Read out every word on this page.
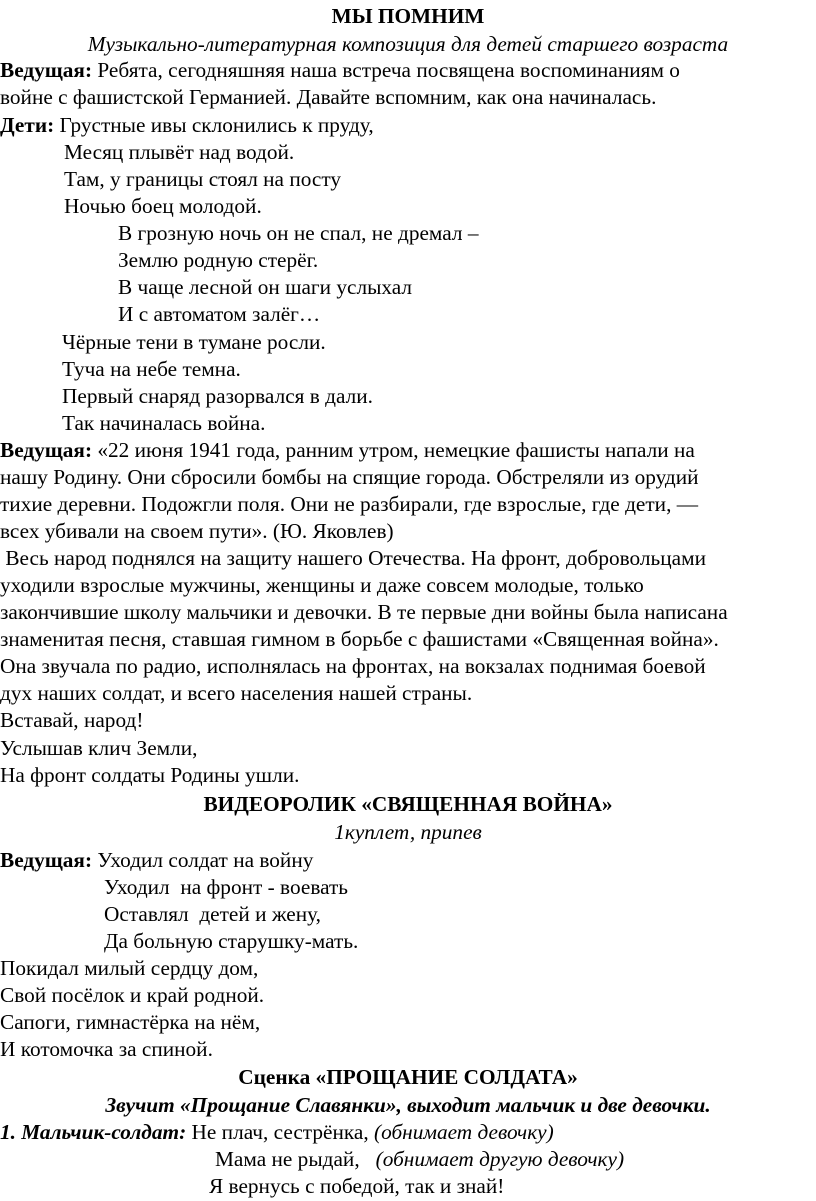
МЫ ПОМНИМ
Музыкально-литературная композиция для детей старшего возраста
Ведущая: Ребята, сегодняшняя наша встреча посвящена воспоминаниям о
войне с фашистской Германией. Давайте вспомним, как она начиналась.
Дети: Грустные ивы склонились к пруду,
Месяц плывёт над водой.
Там, у границы стоял на посту
Ночью боец молодой.
В грозную ночь он не спал, не дремал –
Землю родную стерёг.
В чаще лесной он шаги услыхал
И с автоматом залёг…
Чёрные тени в тумане росли.
Туча на небе темна.
Первый снаряд разорвался в дали.
Так начиналась война.
Ведущая: «22 июня 1941 года, ранним утром, немецкие фашисты напали на
нашу Родину. Они сбросили бомбы на спящие города. Обстреляли из орудий
тихие деревни. Подожгли поля. Они не разбирали, где взрослые, где дети, —
всех убивали на своем пути». (Ю. Яковлев)
Весь народ поднялся на защиту нашего Отечества. На фронт, добровольцами
уходили взрослые мужчины, женщины и даже совсем молодые, только
закончившие школу мальчики и девочки. В те первые дни войны была написана
знаменитая песня, ставшая гимном в борьбе с фашистами «Священная война».
Она звучала по радио, исполнялась на фронтах, на вокзалах поднимая боевой
дух наших солдат, и всего населения нашей страны.
Вставай, народ!
Услышав клич Земли,
На фронт солдаты Родины ушли.
ВИДЕОРОЛИК «СВЯЩЕННАЯ ВОЙНА»
1куплет, припев
Ведущая: Уходил солдат на войну
Уходил  на фронт - воевать
Оставлял  детей и жену,
Да больную старушку-мать.
Покидал милый сердцу дом,
Свой посёлок и край родной.
Сапоги, гимнастёрка на нём,
И котомочка за спиной.
Сценка «ПРОЩАНИЕ СОЛДАТА»
Звучит «Прощание Славянки», выходит мальчик и две девочки.
1. Мальчик-солдат: Не плач, сестрёнка, (обнимает девочку)
Мама не рыдай,   (обнимает другую девочку)
Я вернусь с победой, так и знай!
